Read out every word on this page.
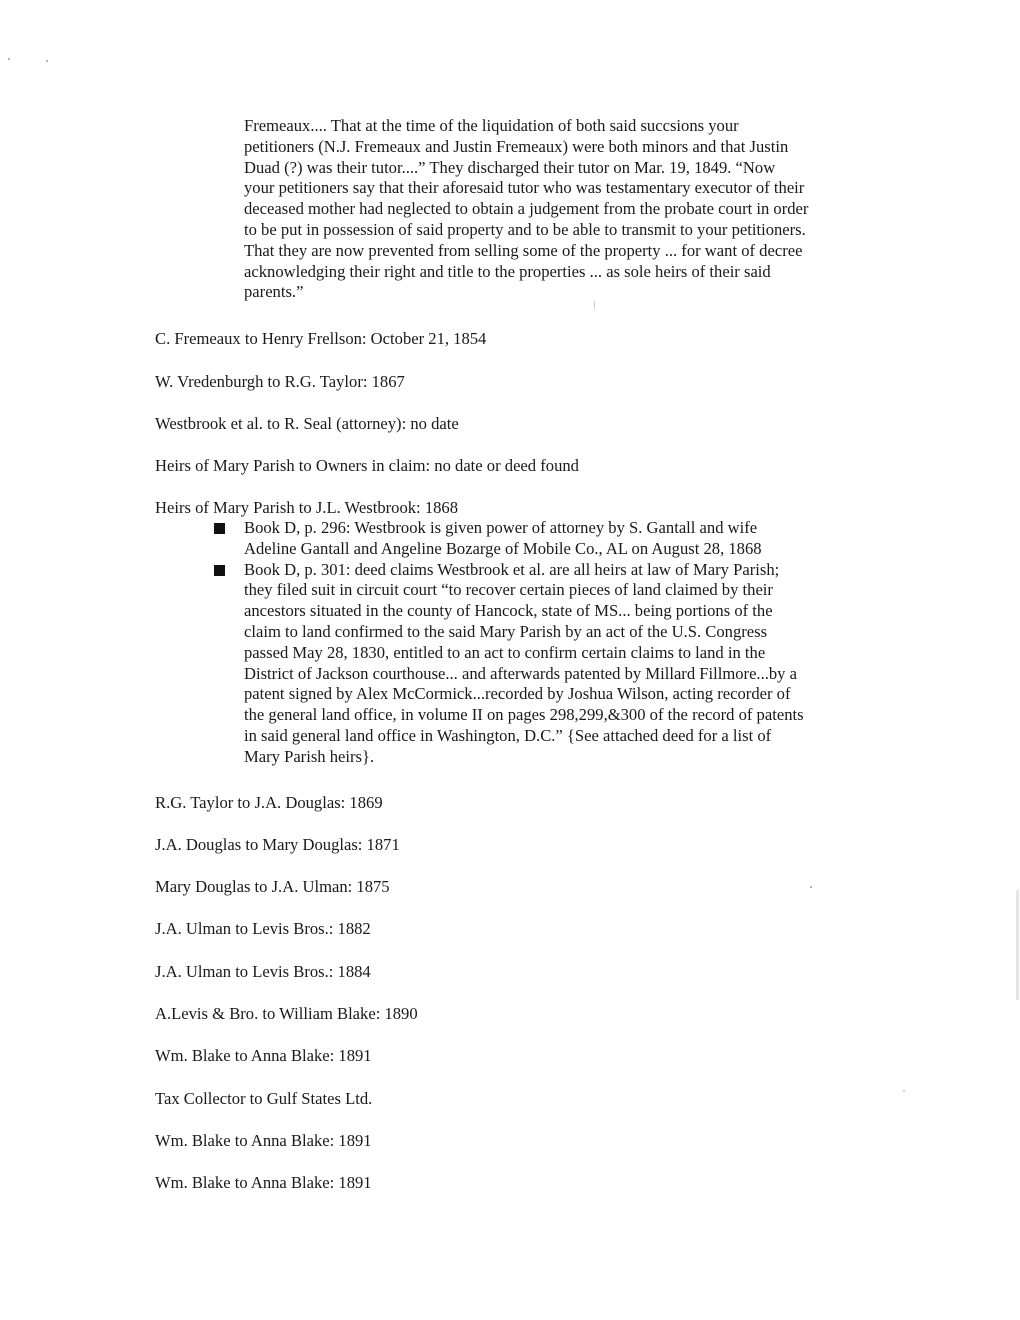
Fremeaux.... That at the time of the liquidation of both said succsions your
petitioners (N.J. Fremeaux and Justin Fremeaux) were both minors and that Justin
Duad (?) was their tutor....” They discharged their tutor on Mar. 19, 1849. “Now
your petitioners say that their aforesaid tutor who was testamentary executor of their
deceased mother had neglected to obtain a judgement from the probate court in order
to be put in possession of said property and to be able to transmit to your petitioners.
That they are now prevented from selling some of the property ... for want of decree
acknowledging their right and title to the properties ... as sole heirs of their said
parents.”
C. Fremeaux to Henry Frellson: October 21, 1854
W. Vredenburgh to R.G. Taylor: 1867
Westbrook et al. to R. Seal (attorney): no date
Heirs of Mary Parish to Owners in claim: no date or deed found
Heirs of Mary Parish to J.L. Westbrook: 1868
Book D, p. 296: Westbrook is given power of attorney by S. Gantall and wife
Adeline Gantall and Angeline Bozarge of Mobile Co., AL on August 28, 1868
Book D, p. 301: deed claims Westbrook et al. are all heirs at law of Mary Parish;
they filed suit in circuit court “to recover certain pieces of land claimed by their
ancestors situated in the county of Hancock, state of MS... being portions of the
claim to land confirmed to the said Mary Parish by an act of the U.S. Congress
passed May 28, 1830, entitled to an act to confirm certain claims to land in the
District of Jackson courthouse... and afterwards patented by Millard Fillmore...by a
patent signed by Alex McCormick...recorded by Joshua Wilson, acting recorder of
the general land office, in volume II on pages 298,299,&300 of the record of patents
in said general land office in Washington, D.C.” {See attached deed for a list of
Mary Parish heirs}.
R.G. Taylor to J.A. Douglas: 1869
J.A. Douglas to Mary Douglas: 1871
Mary Douglas to J.A. Ulman: 1875
J.A. Ulman to Levis Bros.: 1882
J.A. Ulman to Levis Bros.: 1884
A.Levis & Bro. to William Blake: 1890
Wm. Blake to Anna Blake: 1891
Tax Collector to Gulf States Ltd.
Wm. Blake to Anna Blake: 1891
Wm. Blake to Anna Blake: 1891
